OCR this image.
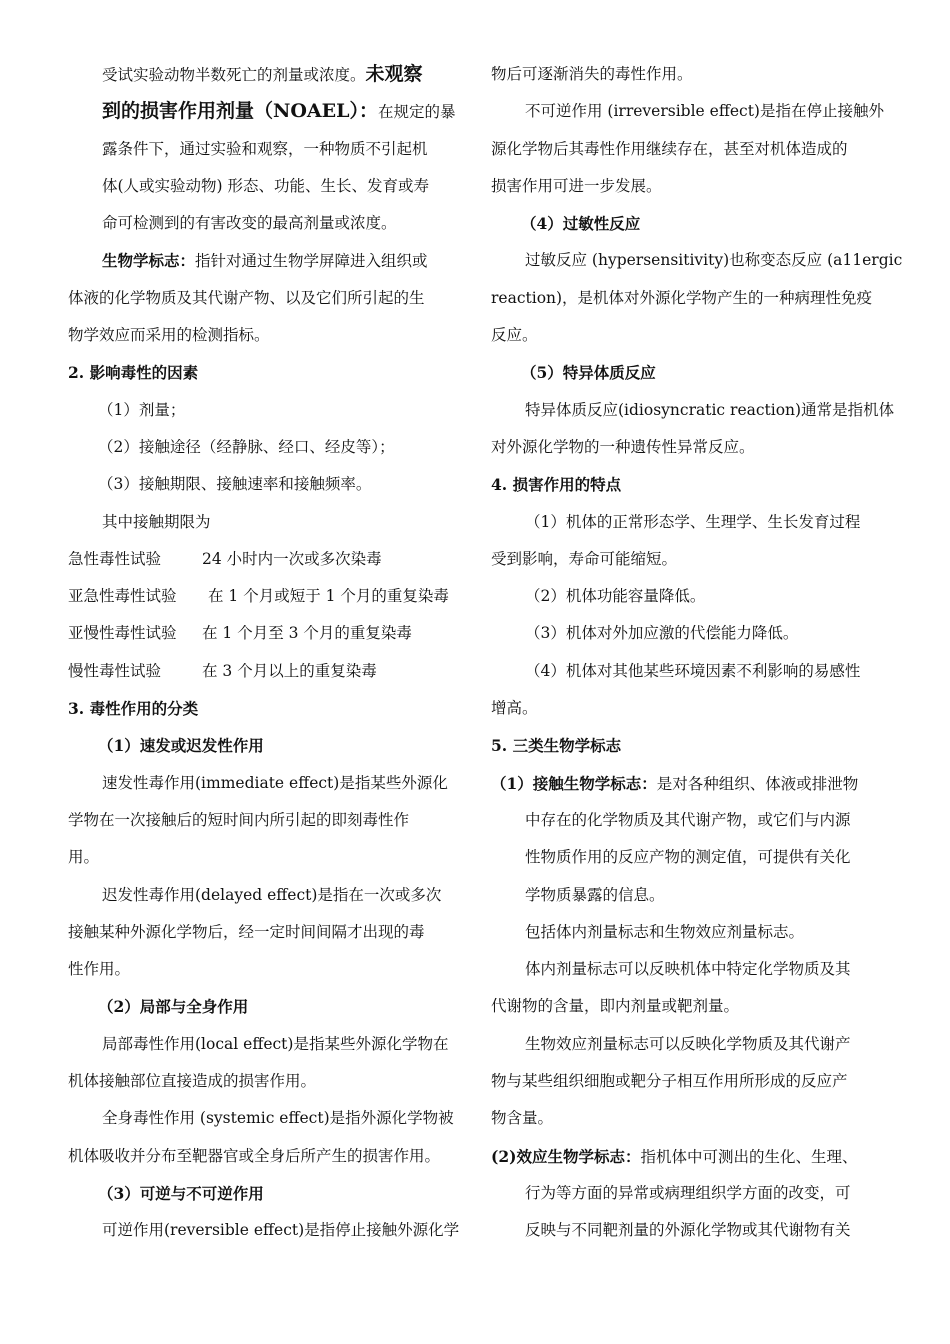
受试实验动物半数死亡的剂量或浓度。未观察
到的损害作用剂量（NOAEL）：在规定的暴
露条件下，通过实验和观察，一种物质不引起机
体(人或实验动物) 形态、功能、生长、发育或寿
命可检测到的有害改变的最高剂量或浓度。
生物学标志：指针对通过生物学屏障进入组织或
体液的化学物质及其代谢产物、以及它们所引起的生
物学效应而采用的检测指标。
2. 影响毒性的因素
（1）剂量；
（2）接触途径（经静脉、经口、经皮等）；
（3）接触期限、接触速率和接触频率。
其中接触期限为
急性毒性试验	24 小时内一次或多次染毒
亚急性毒性试验 在 1 个月或短于 1 个月的重复染毒
亚慢性毒性试验 在 1 个月至 3 个月的重复染毒
慢性毒性试验	在 3 个月以上的重复染毒
3. 毒性作用的分类
（1）速发或迟发性作用
速发性毒作用(immediate effect)是指某些外源化
学物在一次接触后的短时间内所引起的即刻毒性作
用。
迟发性毒作用(delayed effect)是指在一次或多次
接触某种外源化学物后，经一定时间间隔才出现的毒
性作用。
（2）局部与全身作用
局部毒性作用(local effect)是指某些外源化学物在
机体接触部位直接造成的损害作用。
全身毒性作用 (systemic effect)是指外源化学物被
机体吸收并分布至靶器官或全身后所产生的损害作用。
（3）可逆与不可逆作用
可逆作用(reversible effect)是指停止接触外源化学
物后可逐渐消失的毒性作用。
不可逆作用 (irreversible effect)是指在停止接触外
源化学物后其毒性作用继续存在，甚至对机体造成的
损害作用可进一步发展。
（4）过敏性反应
过敏反应 (hypersensitivity)也称变态反应 (a11ergic
reaction)，是机体对外源化学物产生的一种病理性免疫
反应。
（5）特异体质反应
特异体质反应(idiosyncratic reaction)通常是指机体
对外源化学物的一种遗传性异常反应。
4. 损害作用的特点
（1）机体的正常形态学、生理学、生长发育过程
受到影响，寿命可能缩短。
（2）机体功能容量降低。
（3）机体对外加应激的代偿能力降低。
（4）机体对其他某些环境因素不利影响的易感性
增高。
5. 三类生物学标志
（1）接触生物学标志：是对各种组织、体液或排泄物
中存在的化学物质及其代谢产物，或它们与内源
性物质作用的反应产物的测定值，可提供有关化
学物质暴露的信息。
包括体内剂量标志和生物效应剂量标志。
体内剂量标志可以反映机体中特定化学物质及其
代谢物的含量，即内剂量或靶剂量。
生物效应剂量标志可以反映化学物质及其代谢产
物与某些组织细胞或靶分子相互作用所形成的反应产
物含量。
(2)效应生物学标志：指机体中可测出的生化、生理、
行为等方面的异常或病理组织学方面的改变，可
反映与不同靶剂量的外源化学物或其代谢物有关
